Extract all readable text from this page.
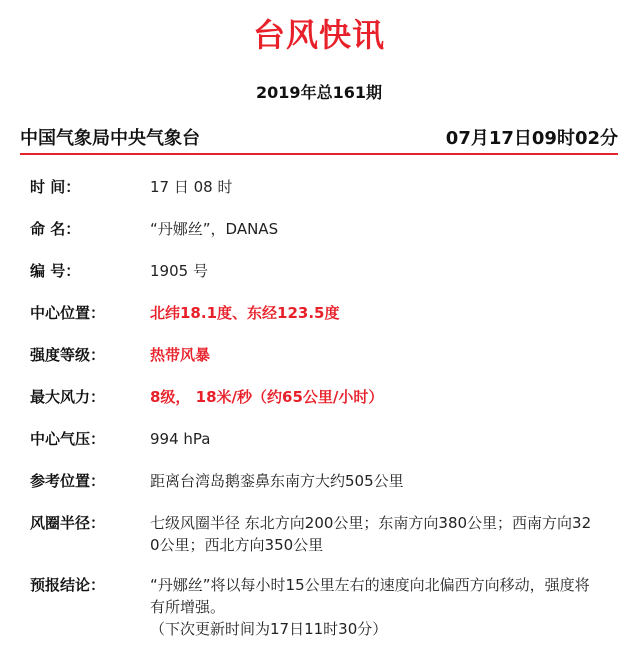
台风快讯
2019年总161期
中国气象局中央气象台	07月17日09时02分
时 间：	17 日 08 时
命 名：	“丹娜丝”，DANAS
编 号：	1905 号
中心位置：	北纬18.1度、东经123.5度
强度等级：	热带风暴
最大风力：	8级， 18米/秒（约65公里/小时）
中心气压：	994 hPa
参考位置：	距离台湾岛鹅銮鼻东南方大约505公里
风圈半径：	七级风圈半径 东北方向200公里；东南方向380公里；西南方向32
0公里；西北方向350公里
预报结论：	“丹娜丝”将以每小时15公里左右的速度向北偏西方向移动，强度将
有所增强。
（下次更新时间为17日11时30分）
